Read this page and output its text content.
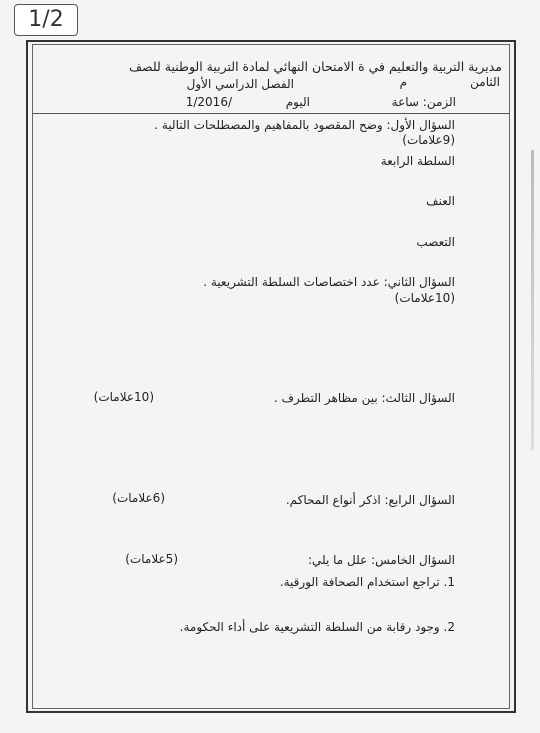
1/2
مديرية التربية والتعليم في ة الامتحان النهائي لمادة التربية الوطنية للصف
الثامن
م
الفصل الدراسي الأول
الزمن: ساعة
اليوم
1/2016/
السؤال الأول: وضح المقصود بالمفاهيم والمصطلحات التالية .
(9علامات)
السلطة الرابعة
العنف
التعصب
السؤال الثاني: عدد اختصاصات السلطة التشريعية .
(10علامات)
السؤال الثالث: بين مظاهر التطرف .
(10علامات)
السؤال الرابع: اذكر أنواع المحاكم.
(6علامات)
السؤال الخامس: علل ما يلي:
(5علامات)
1. تراجع استخدام الصحافة الورقية.
2. وجود رقابة من السلطة التشريعية على أداء الحكومة.
